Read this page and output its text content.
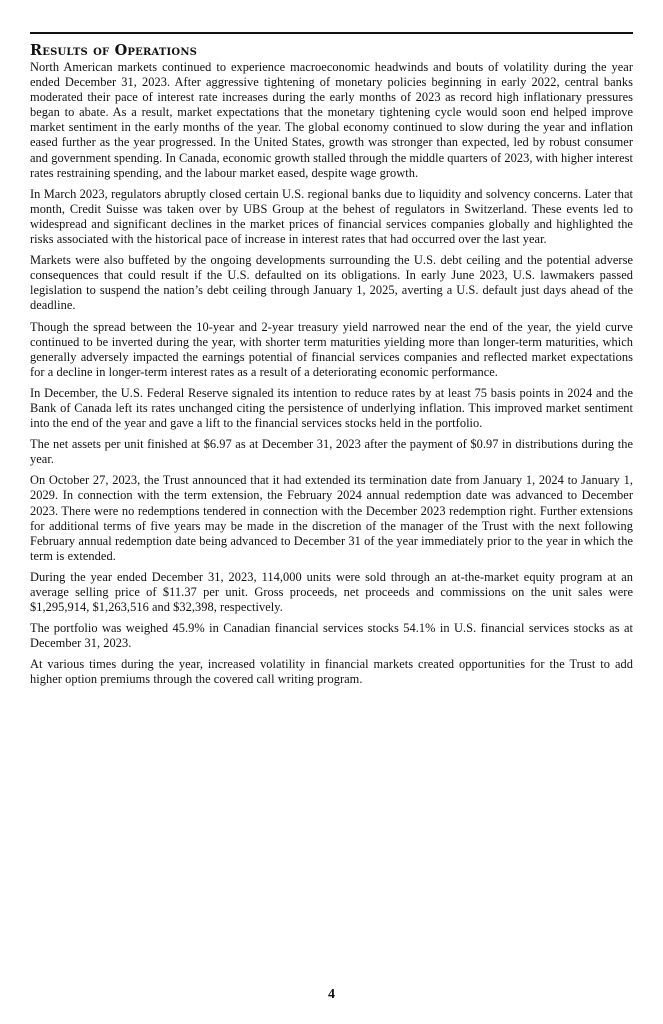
Results of Operations

North American markets continued to experience macroeconomic headwinds and bouts of volatility during the year ended December 31, 2023. After aggressive tightening of monetary policies beginning in early 2022, central banks moderated their pace of interest rate increases during the early months of 2023 as record high inflationary pressures began to abate. As a result, market expectations that the monetary tightening cycle would soon end helped improve market sentiment in the early months of the year. The global economy continued to slow during the year and inflation eased further as the year progressed. In the United States, growth was stronger than expected, led by robust consumer and government spending. In Canada, economic growth stalled through the middle quarters of 2023, with higher interest rates restraining spending, and the labour market eased, despite wage growth.

In March 2023, regulators abruptly closed certain U.S. regional banks due to liquidity and solvency concerns. Later that month, Credit Suisse was taken over by UBS Group at the behest of regulators in Switzerland. These events led to widespread and significant declines in the market prices of financial services companies globally and highlighted the risks associated with the historical pace of increase in interest rates that had occurred over the last year.

Markets were also buffeted by the ongoing developments surrounding the U.S. debt ceiling and the potential adverse consequences that could result if the U.S. defaulted on its obligations. In early June 2023, U.S. lawmakers passed legislation to suspend the nation’s debt ceiling through January 1, 2025, averting a U.S. default just days ahead of the deadline.

Though the spread between the 10-year and 2-year treasury yield narrowed near the end of the year, the yield curve continued to be inverted during the year, with shorter term maturities yielding more than longer-term maturities, which generally adversely impacted the earnings potential of financial services companies and reflected market expectations for a decline in longer-term interest rates as a result of a deteriorating economic performance.

In December, the U.S. Federal Reserve signaled its intention to reduce rates by at least 75 basis points in 2024 and the Bank of Canada left its rates unchanged citing the persistence of underlying inflation. This improved market sentiment into the end of the year and gave a lift to the financial services stocks held in the portfolio.

The net assets per unit finished at $6.97 as at December 31, 2023 after the payment of $0.97 in distributions during the year.

On October 27, 2023, the Trust announced that it had extended its termination date from January 1, 2024 to January 1, 2029. In connection with the term extension, the February 2024 annual redemption date was advanced to December 2023. There were no redemptions tendered in connection with the December 2023 redemption right. Further extensions for additional terms of five years may be made in the discretion of the manager of the Trust with the next following February annual redemption date being advanced to December 31 of the year immediately prior to the year in which the term is extended.

During the year ended December 31, 2023, 114,000 units were sold through an at-the-market equity program at an average selling price of $11.37 per unit. Gross proceeds, net proceeds and commissions on the unit sales were $1,295,914, $1,263,516 and $32,398, respectively.

The portfolio was weighed 45.9% in Canadian financial services stocks 54.1% in U.S. financial services stocks as at December 31, 2023.

At various times during the year, increased volatility in financial markets created opportunities for the Trust to add higher option premiums through the covered call writing program.

4
